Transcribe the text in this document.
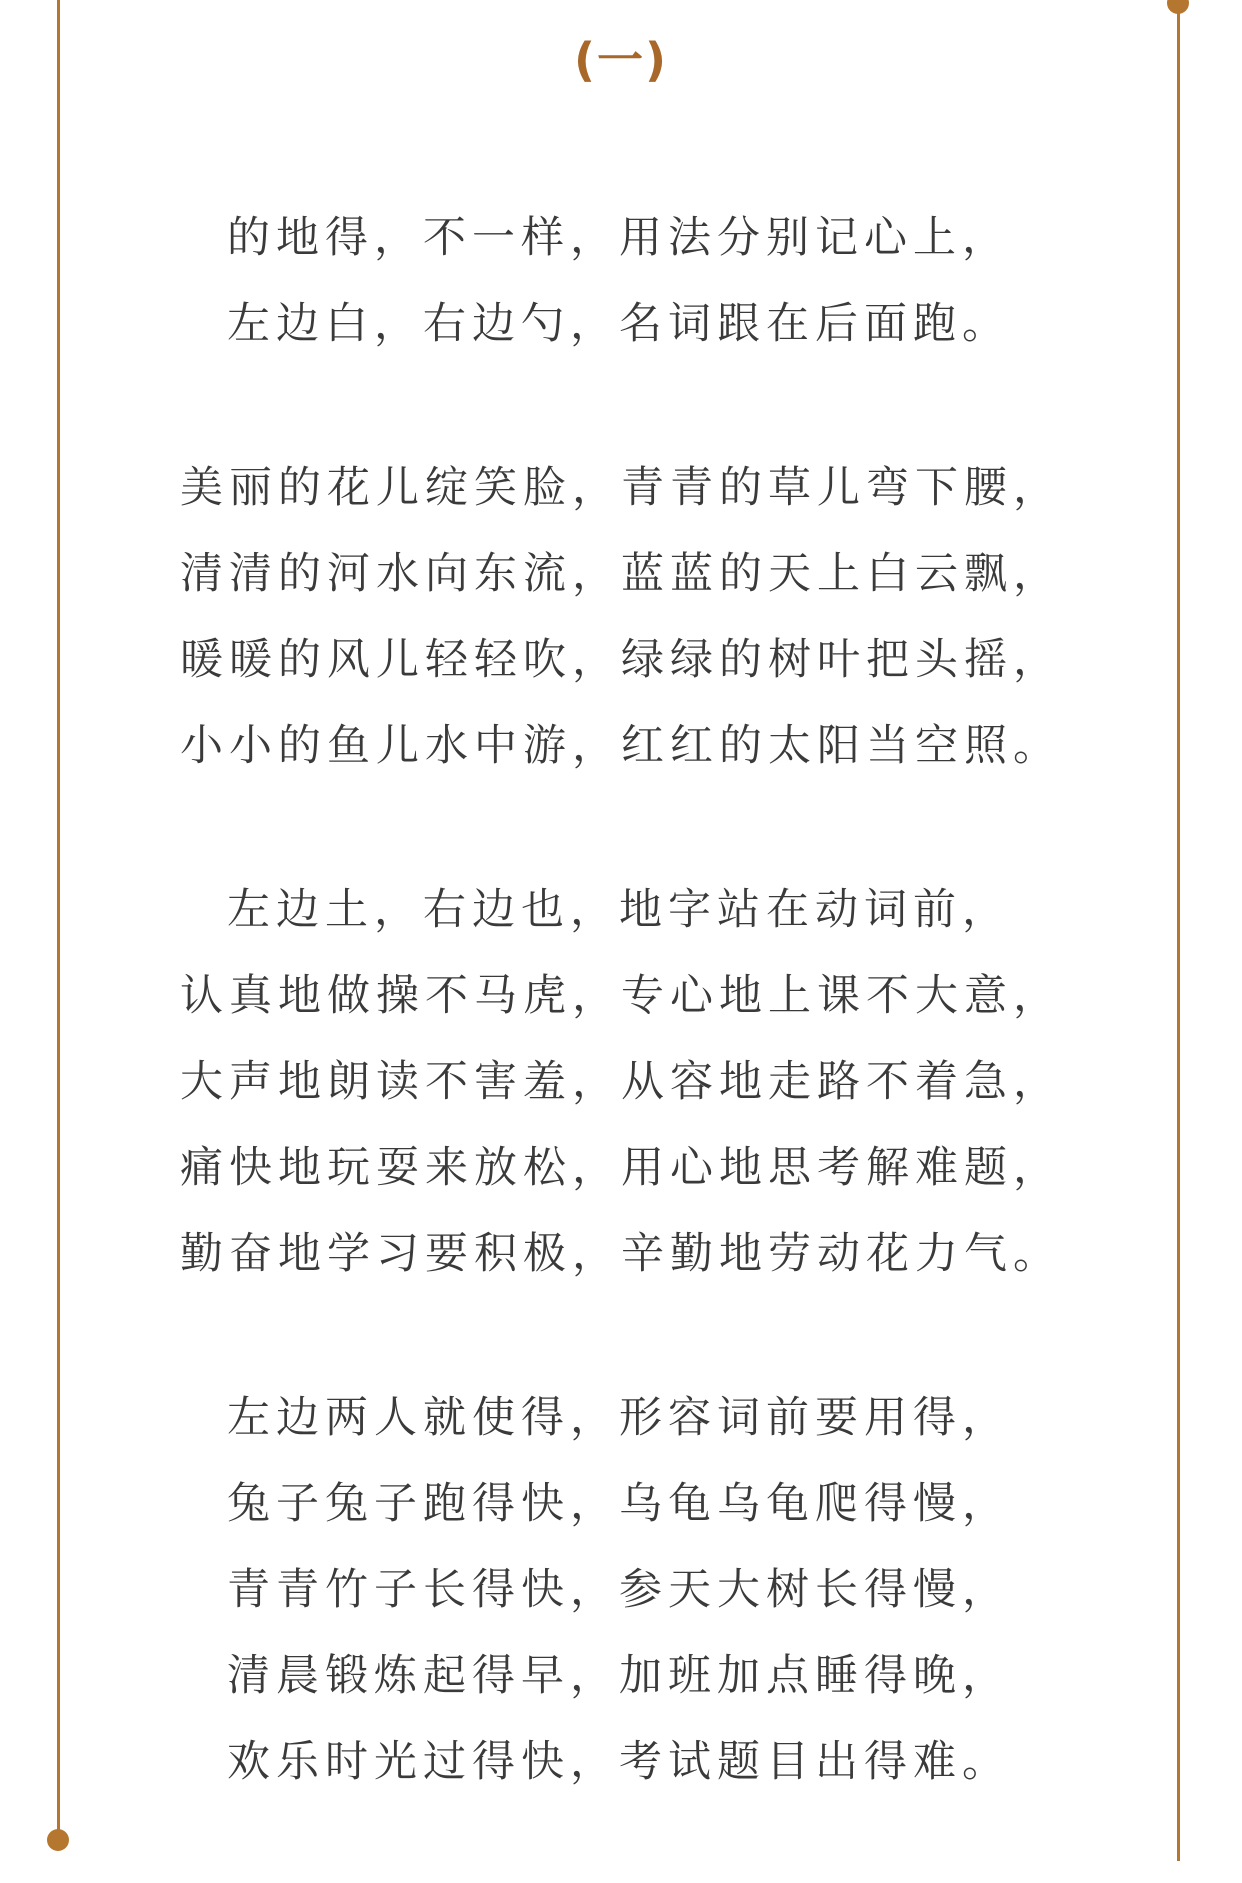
(一)
的地得，不一样，用法分别记心上，
左边白，右边勺，名词跟在后面跑。
美丽的花儿绽笑脸，青青的草儿弯下腰，
清清的河水向东流，蓝蓝的天上白云飘，
暖暖的风儿轻轻吹，绿绿的树叶把头摇，
小小的鱼儿水中游，红红的太阳当空照。
左边土，右边也，地字站在动词前，
认真地做操不马虎，专心地上课不大意，
大声地朗读不害羞，从容地走路不着急，
痛快地玩耍来放松，用心地思考解难题，
勤奋地学习要积极，辛勤地劳动花力气。
左边两人就使得，形容词前要用得，
兔子兔子跑得快，乌龟乌龟爬得慢，
青青竹子长得快，参天大树长得慢，
清晨锻炼起得早，加班加点睡得晚，
欢乐时光过得快，考试题目出得难。
